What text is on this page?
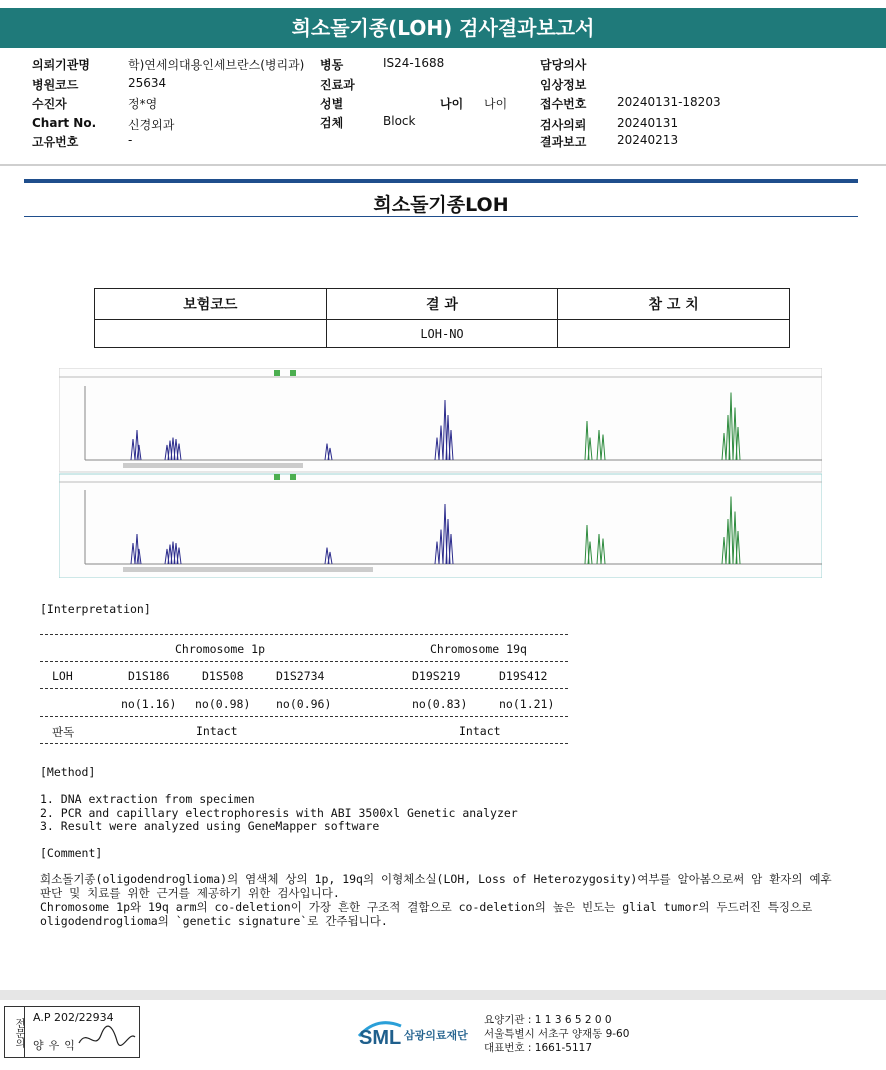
희소돌기종(LOH) 검사결과보고서
의뢰기관명	학)연세의대용인세브란스(병리과)
병원코드	25634
수진자	정*영
Chart No.	신경외과
고유번호	-
병동	IS24-1688
진료과
성별	나이 나이
검체	Block
담당의사
임상정보
접수번호	20240131-18203
검사의뢰	20240131
결과보고	20240213
희소돌기종LOH
보험코드	결 과	참 고 치
	LOH-NO	
[Interpretation]
Chromosome 1p	Chromosome 19q
LOH	D1S186	D1S508	D1S2734	D19S219	D19S412
no(1.16) no(0.98) no(0.96)	no(0.83)	no(1.21)
판독	Intact	Intact
[Method]
1. DNA extraction from specimen
2. PCR and capillary electrophoresis with ABI 3500xl Genetic analyzer
3. Result were analyzed using GeneMapper software
[Comment]
희소돌기종(oligodendroglioma)의 염색체 상의 1p, 19q의 이형체소실(LOH, Loss of Heterozygosity)여부를 알아봄으로써 암 환자의 예후 판단 및 치료를 위한 근거를 제공하기 위한 검사입니다.
Chromosome 1p와 19q arm의 co-deletion이 가장 흔한 구조적 결함으로 co-deletion의 높은 빈도는 glial tumor의 두드러진 특징으로 oligodendroglioma의 `genetic signature`로 간주됩니다.
전문의
A.P 202/22934
양우익	SML 삼광의료재단
요양기관 : 1 1 3 6 5 2 0 0
서울특별시 서초구 양재동 9-60
대표번호 : 1661-5117
